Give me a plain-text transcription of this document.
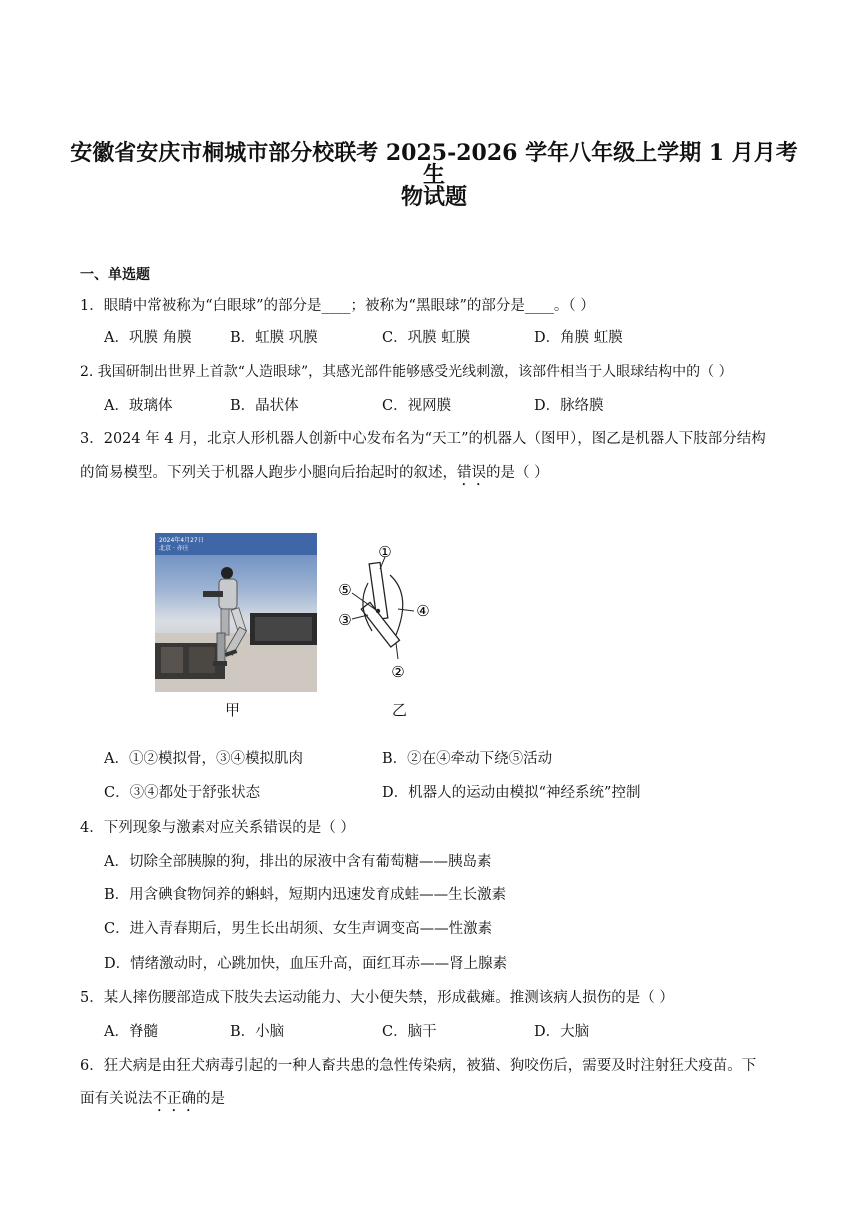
安徽省安庆市桐城市部分校联考 2025-2026 学年八年级上学期 1 月月考生
物试题
一、单选题
1．眼睛中常被称为“白眼球”的部分是____；被称为“黑眼球”的部分是____。（ ）
A．巩膜 角膜	B．虹膜 巩膜	C．巩膜 虹膜	D．角膜 虹膜
2. 我国研制出世界上首款“人造眼球”，其感光部件能够感受光线刺激，该部件相当于人眼球结构中的（ ）
A．玻璃体	B．晶状体	C．视网膜	D．脉络膜
3．2024 年 4 月，北京人形机器人创新中心发布名为“天工”的机器人（图甲），图乙是机器人下肢部分结构
的简易模型。下列关于机器人跑步小腿向后抬起时的叙述，错误的是（ ）
2024年4月27日
北京 · 亦庄
甲
①
②
③	④
⑤
乙
A．①②模拟骨，③④模拟肌肉	B．②在④牵动下绕⑤活动
C．③④都处于舒张状态	D．机器人的运动由模拟“神经系统”控制
4．下列现象与激素对应关系错误的是（ ）
A．切除全部胰腺的狗，排出的尿液中含有葡萄糖——胰岛素
B．用含碘食物饲养的蝌蚪，短期内迅速发育成蛙——生长激素
C．进入青春期后，男生长出胡须、女生声调变高——性激素
D．情绪激动时，心跳加快，血压升高，面红耳赤——肾上腺素
5．某人摔伤腰部造成下肢失去运动能力、大小便失禁，形成截瘫。推测该病人损伤的是（ ）
A．脊髓	B．小脑	C．脑干	D．大脑
6．狂犬病是由狂犬病毒引起的一种人畜共患的急性传染病，被猫、狗咬伤后，需要及时注射狂犬疫苗。下
面有关说法不正确的是
